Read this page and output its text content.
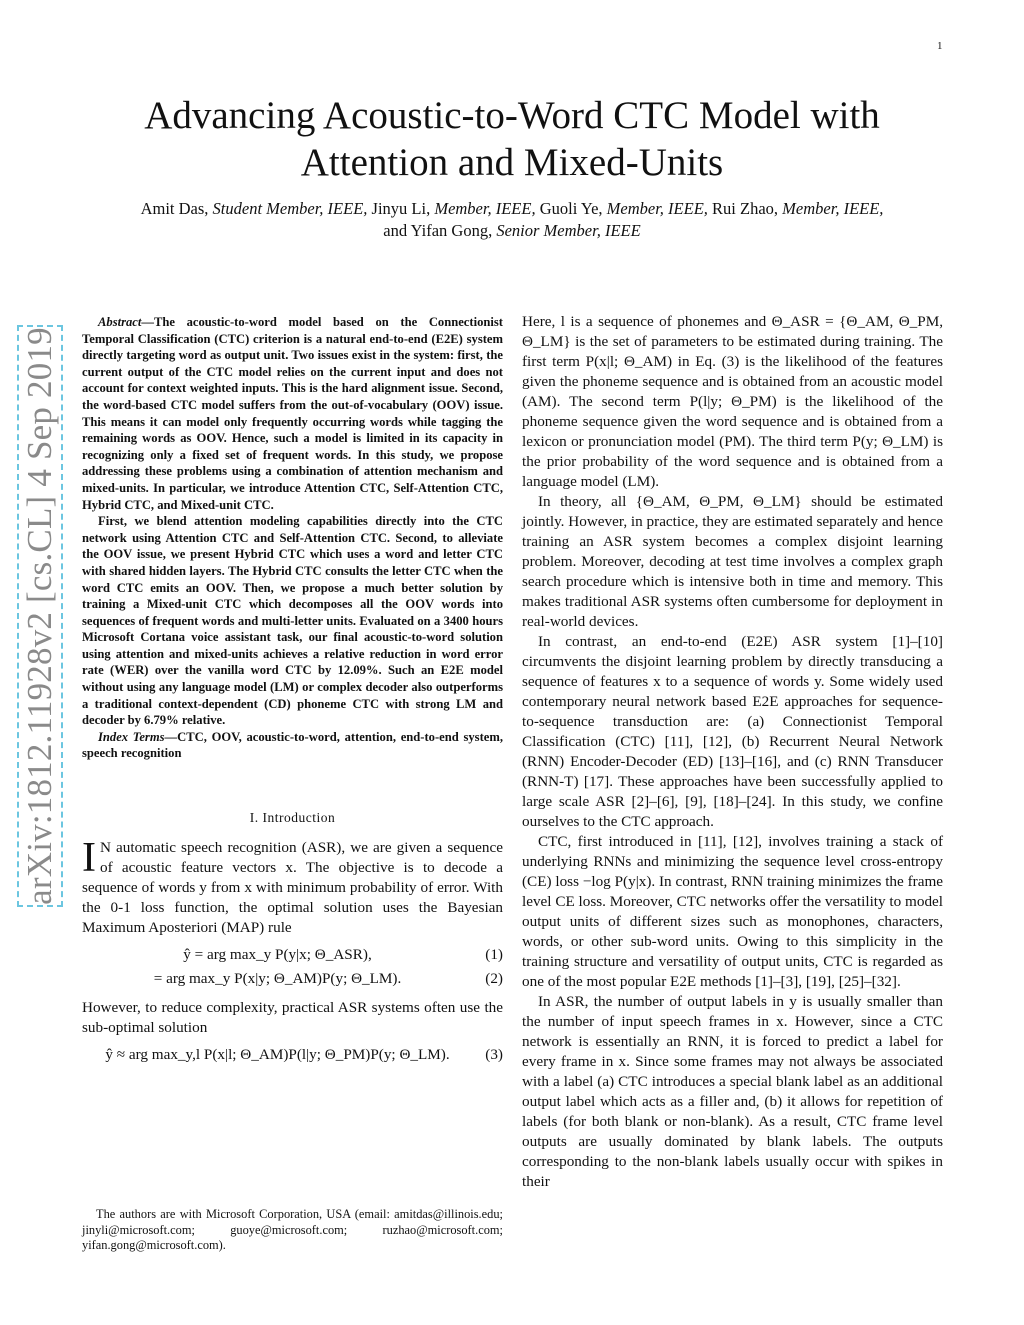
1
arXiv:1812.11928v2 [cs.CL] 4 Sep 2019
Advancing Acoustic-to-Word CTC Model with Attention and Mixed-Units
Amit Das, Student Member, IEEE, Jinyu Li, Member, IEEE, Guoli Ye, Member, IEEE, Rui Zhao, Member, IEEE,
and Yifan Gong, Senior Member, IEEE

Abstract—The acoustic-to-word model based on the Connectionist Temporal Classification (CTC) criterion is a natural end-to-end (E2E) system directly targeting word as output unit. Two issues exist in the system: first, the current output of the CTC model relies on the current input and does not account for context weighted inputs. This is the hard alignment issue. Second, the word-based CTC model suffers from the out-of-vocabulary (OOV) issue. This means it can model only frequently occurring words while tagging the remaining words as OOV. Hence, such a model is limited in its capacity in recognizing only a fixed set of frequent words. In this study, we propose addressing these problems using a combination of attention mechanism and mixed-units. In particular, we introduce Attention CTC, Self-Attention CTC, Hybrid CTC, and Mixed-unit CTC.

First, we blend attention modeling capabilities directly into the CTC network using Attention CTC and Self-Attention CTC. Second, to alleviate the OOV issue, we present Hybrid CTC which uses a word and letter CTC with shared hidden layers. The Hybrid CTC consults the letter CTC when the word CTC emits an OOV. Then, we propose a much better solution by training a Mixed-unit CTC which decomposes all the OOV words into sequences of frequent words and multi-letter units. Evaluated on a 3400 hours Microsoft Cortana voice assistant task, our final acoustic-to-word solution using attention and mixed-units achieves a relative reduction in word error rate (WER) over the vanilla word CTC by 12.09%. Such an E2E model without using any language model (LM) or complex decoder also outperforms a traditional context-dependent (CD) phoneme CTC with strong LM and decoder by 6.79% relative.

Index Terms—CTC, OOV, acoustic-to-word, attention, end-to-end system, speech recognition

I. Introduction

I N automatic speech recognition (ASR), we are given a sequence of acoustic feature vectors x. The objective is to decode a sequence of words y from x with minimum probability of error. With the 0-1 loss function, the optimal solution uses the Bayesian Maximum Aposteriori (MAP) rule

ŷ = arg max_y P(y|x; Θ_ASR),	(1)
= arg max_y P(x|y; Θ_AM)P(y; Θ_LM).	(2)

However, to reduce complexity, practical ASR systems often use the sub-optimal solution

ŷ ≈ arg max_y,l P(x|l; Θ_AM)P(l|y; Θ_PM)P(y; Θ_LM).	(3)

The authors are with Microsoft Corporation, USA (email: amitdas@illinois.edu; jinyli@microsoft.com; guoye@microsoft.com; ruzhao@microsoft.com; yifan.gong@microsoft.com).

Here, l is a sequence of phonemes and Θ_ASR = {Θ_AM, Θ_PM, Θ_LM} is the set of parameters to be estimated during training. The first term P(x|l; Θ_AM) in Eq. (3) is the likelihood of the features given the phoneme sequence and is obtained from an acoustic model (AM). The second term P(l|y; Θ_PM) is the likelihood of the phoneme sequence given the word sequence and is obtained from a lexicon or pronunciation model (PM). The third term P(y; Θ_LM) is the prior probability of the word sequence and is obtained from a language model (LM).

In theory, all {Θ_AM, Θ_PM, Θ_LM} should be estimated jointly. However, in practice, they are estimated separately and hence training an ASR system becomes a complex disjoint learning problem. Moreover, decoding at test time involves a complex graph search procedure which is intensive both in time and memory. This makes traditional ASR systems often cumbersome for deployment in real-world devices.

In contrast, an end-to-end (E2E) ASR system [1]–[10] circumvents the disjoint learning problem by directly transducing a sequence of features x to a sequence of words y. Some widely used contemporary neural network based E2E approaches for sequence-to-sequence transduction are: (a) Connectionist Temporal Classification (CTC) [11], [12], (b) Recurrent Neural Network (RNN) Encoder-Decoder (ED) [13]–[16], and (c) RNN Transducer (RNN-T) [17]. These approaches have been successfully applied to large scale ASR [2]–[6], [9], [18]–[24]. In this study, we confine ourselves to the CTC approach.

CTC, first introduced in [11], [12], involves training a stack of underlying RNNs and minimizing the sequence level cross-entropy (CE) loss −log P(y|x). In contrast, RNN training minimizes the frame level CE loss. Moreover, CTC networks offer the versatility to model output units of different sizes such as monophones, characters, words, or other sub-word units. Owing to this simplicity in the training structure and versatility of output units, CTC is regarded as one of the most popular E2E methods [1]–[3], [19], [25]–[32].

In ASR, the number of output labels in y is usually smaller than the number of input speech frames in x. However, since a CTC network is essentially an RNN, it is forced to predict a label for every frame in x. Since some frames may not always be associated with a label (a) CTC introduces a special blank label as an additional output label which acts as a filler and, (b) it allows for repetition of labels (for both blank or non-blank). As a result, CTC frame level outputs are usually dominated by blank labels. The outputs corresponding to the non-blank labels usually occur with spikes in their
